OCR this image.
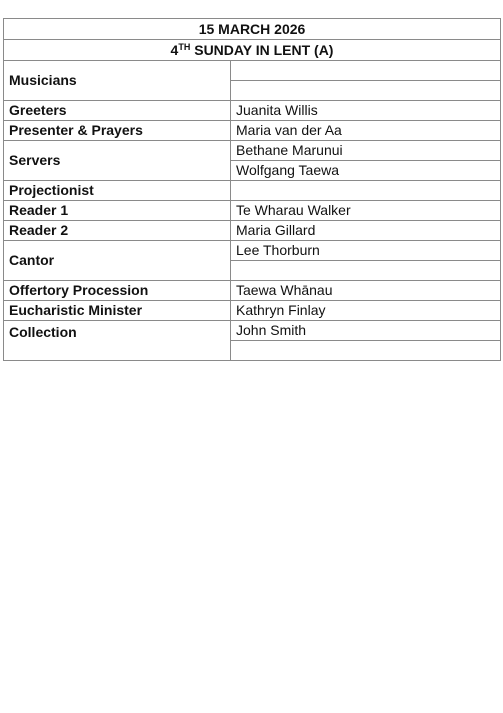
15 MARCH 2026	
4TH SUNDAY IN LENT (A)	
Musicians	

Greeters	Juanita Willis
Presenter & Prayers	Maria van der Aa
Servers	Bethane Marunui
	Wolfgang Taewa
Projectionist	
Reader 1	Te Wharau Walker
Reader 2	Maria Gillard
Cantor	Lee Thorburn

Offertory Procession	Taewa Whānau
Eucharistic Minister	Kathryn Finlay
Collection	John Smith
